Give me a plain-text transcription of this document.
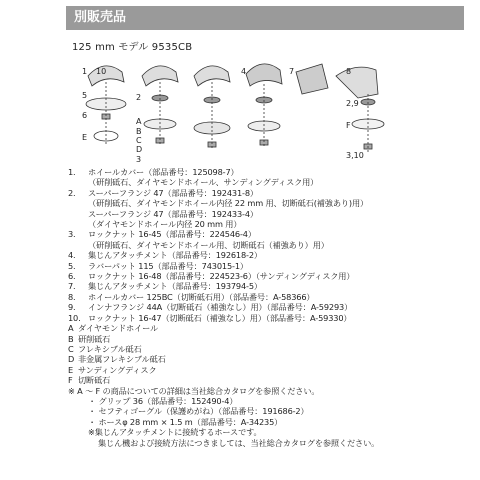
別販売品
125 mm モデル 9535CB
1 10
5
6
E
2
A
B
C
D
3
4	7	8
2,9
F
3,10
1.	ホイールカバー（部品番号：125098-7）
（研削砥石、ダイヤモンドホイール、サンディングディスク用）
2.	スーパーフランジ 47（部品番号：192431-8）
（研削砥石、ダイヤモンドホイール内径 22 mm 用、切断砥石(補強あり)用）
スーパーフランジ 47（部品番号：192433-4）
（ダイヤモンドホイール内径 20 mm 用）
3.	ロックナット 16-45（部品番号：224546-4）
（研削砥石、ダイヤモンドホイール用、切断砥石（補強あり）用）
4.	集じんアタッチメント（部品番号：192618-2）
5.	ラバーパット 115（部品番号：743015-1）
6.	ロックナット 16-48（部品番号：224523-6）（サンディングディスク用）
7.	集じんアタッチメント（部品番号：193794-5）
8.	ホイールカバー 125BC（切断砥石用）（部品番号：A-58366）
9.	インナフランジ 44A（切断砥石（補強なし）用）（部品番号：A-59293）
10. ロックナット 16-47（切断砥石（補強なし）用）（部品番号：A-59330）
A ダイヤモンドホイール
B 研削砥石
C フレキシブル砥石
D 非金属フレキシブル砥石
E サンディングディスク
F 切断砥石
※ A ～ F の商品についての詳細は当社総合カタログを参照ください。
・ グリップ 36（部品番号：152490-4）
・ セフティゴーグル（保護めがね）（部品番号：191686-2）
・ ホースφ 28 mm × 1.5 m（部品番号：A-34235）
※集じんアタッチメントに接続するホースです。
集じん機および接続方法につきましては、当社総合カタログを参照ください。
